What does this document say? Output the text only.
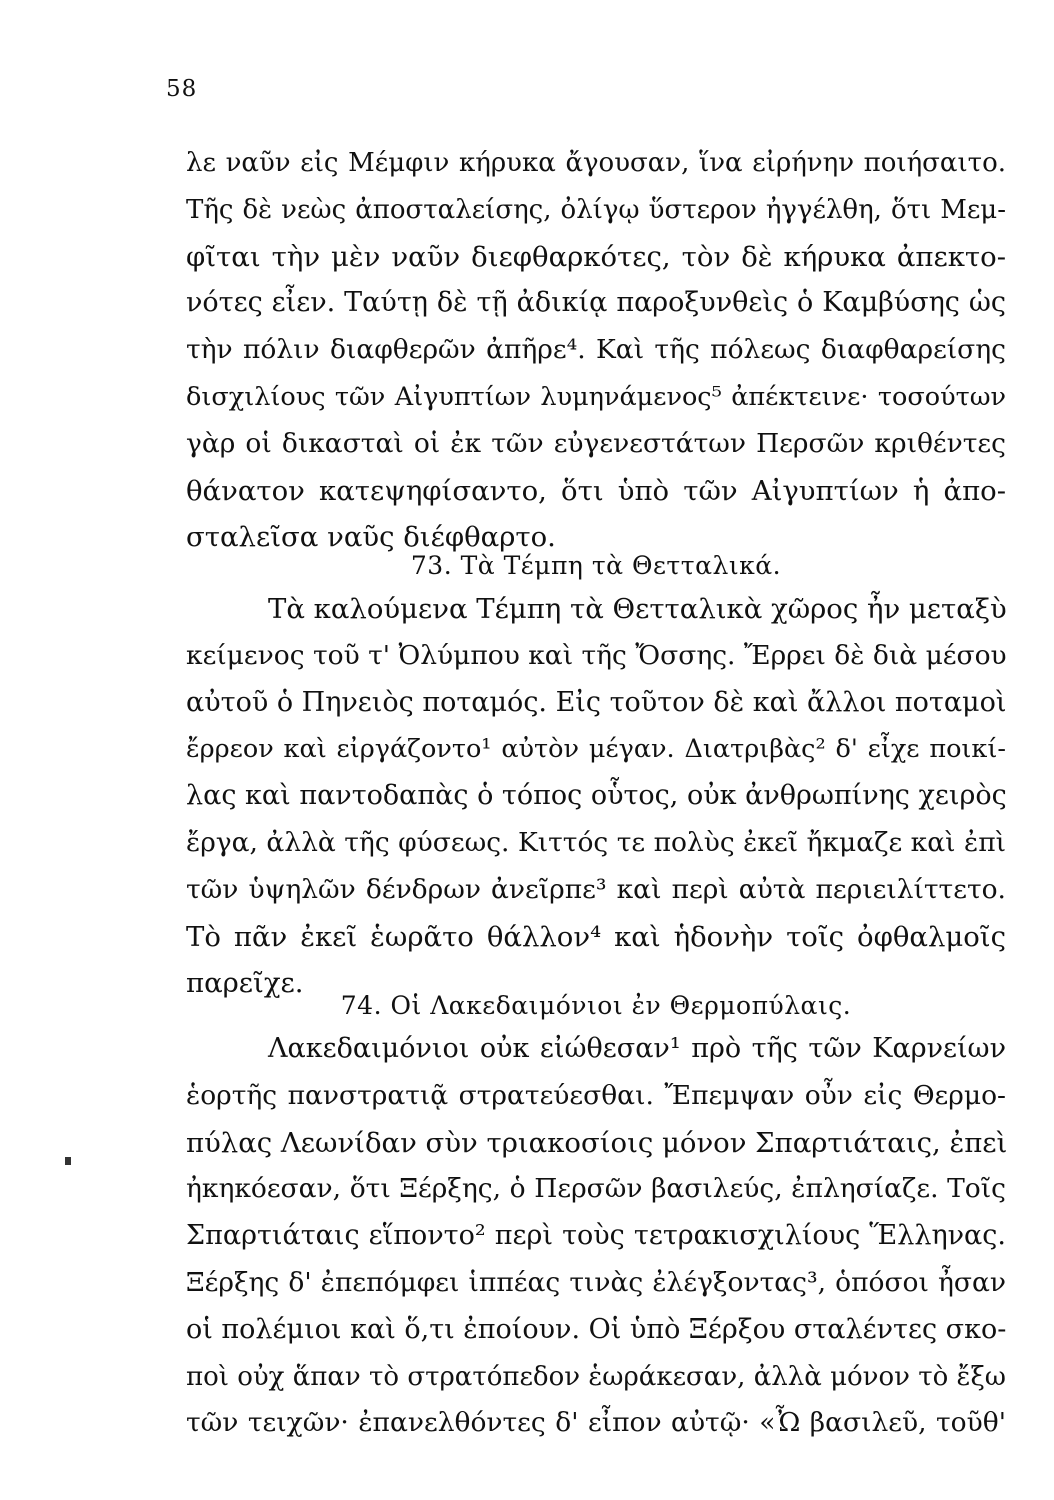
58
λε ναῦν εἰς Μέμφιν κήρυκα ἄγουσαν, ἵνα εἰρήνην ποιήσαιτο.
Τῆς δὲ νεὼς ἀποσταλείσης, ὀλίγῳ ὕστερον ἠγγέλθη, ὅτι Μεμ-
φῖται τὴν μὲν ναῦν διεφθαρκότες, τὸν δὲ κήρυκα ἀπεκτο-
νότες εἶεν. Ταύτῃ δὲ τῇ ἀδικίᾳ παροξυνθεὶς ὁ Καμβύσης ὡς
τὴν πόλιν διαφθερῶν ἀπῆρε⁴. Καὶ τῆς πόλεως διαφθαρείσης
δισχιλίους τῶν Αἰγυπτίων λυμηνάμενος⁵ ἀπέκτεινε· τοσούτων
γὰρ οἱ δικασταὶ οἱ ἐκ τῶν εὐγενεστάτων Περσῶν κριθέντες
θάνατον κατεψηφίσαντο, ὅτι ὑπὸ τῶν Αἰγυπτίων ἡ ἀπο-
σταλεῖσα ναῦς διέφθαρτο.
73. Τὰ Τέμπη τὰ Θετταλικά.
Τὰ καλούμενα Τέμπη τὰ Θετταλικὰ χῶρος ἦν μεταξὺ
κείμενος τοῦ τ' Ὀλύμπου καὶ τῆς Ὄσσης. Ἔρρει δὲ διὰ μέσου
αὐτοῦ ὁ Πηνειὸς ποταμός. Εἰς τοῦτον δὲ καὶ ἄλλοι ποταμοὶ
ἔρρεον καὶ εἰργάζοντο¹ αὐτὸν μέγαν. Διατριβὰς² δ' εἶχε ποικί-
λας καὶ παντοδαπὰς ὁ τόπος οὗτος, οὐκ ἀνθρωπίνης χειρὸς
ἔργα, ἀλλὰ τῆς φύσεως. Κιττός τε πολὺς ἐκεῖ ἤκμαζε καὶ ἐπὶ
τῶν ὑψηλῶν δένδρων ἀνεῖρπε³ καὶ περὶ αὐτὰ περιειλίττετο.
Τὸ πᾶν ἐκεῖ ἑωρᾶτο θάλλον⁴ καὶ ἡδονὴν τοῖς ὀφθαλμοῖς
παρεῖχε.
74. Οἱ Λακεδαιμόνιοι ἐν Θερμοπύλαις.
Λακεδαιμόνιοι οὐκ εἰώθεσαν¹ πρὸ τῆς τῶν Καρνείων
ἑορτῆς πανστρατιᾷ στρατεύεσθαι. Ἔπεμψαν οὖν εἰς Θερμο-
πύλας Λεωνίδαν σὺν τριακοσίοις μόνον Σπαρτιάταις, ἐπεὶ
ἠκηκόεσαν, ὅτι Ξέρξης, ὁ Περσῶν βασιλεύς, ἐπλησίαζε. Τοῖς
Σπαρτιάταις εἵποντο² περὶ τοὺς τετρακισχιλίους Ἕλληνας.
Ξέρξης δ' ἐπεπόμφει ἱππέας τινὰς ἐλέγξοντας³, ὁπόσοι ἦσαν
οἱ πολέμιοι καὶ ὅ,τι ἐποίουν. Οἱ ὑπὸ Ξέρξου σταλέντες σκο-
ποὶ οὐχ ἅπαν τὸ στρατόπεδον ἑωράκεσαν, ἀλλὰ μόνον τὸ ἔξω
τῶν τειχῶν· ἐπανελθόντες δ' εἶπον αὐτῷ· «Ὦ βασιλεῦ, τοῦθ'
